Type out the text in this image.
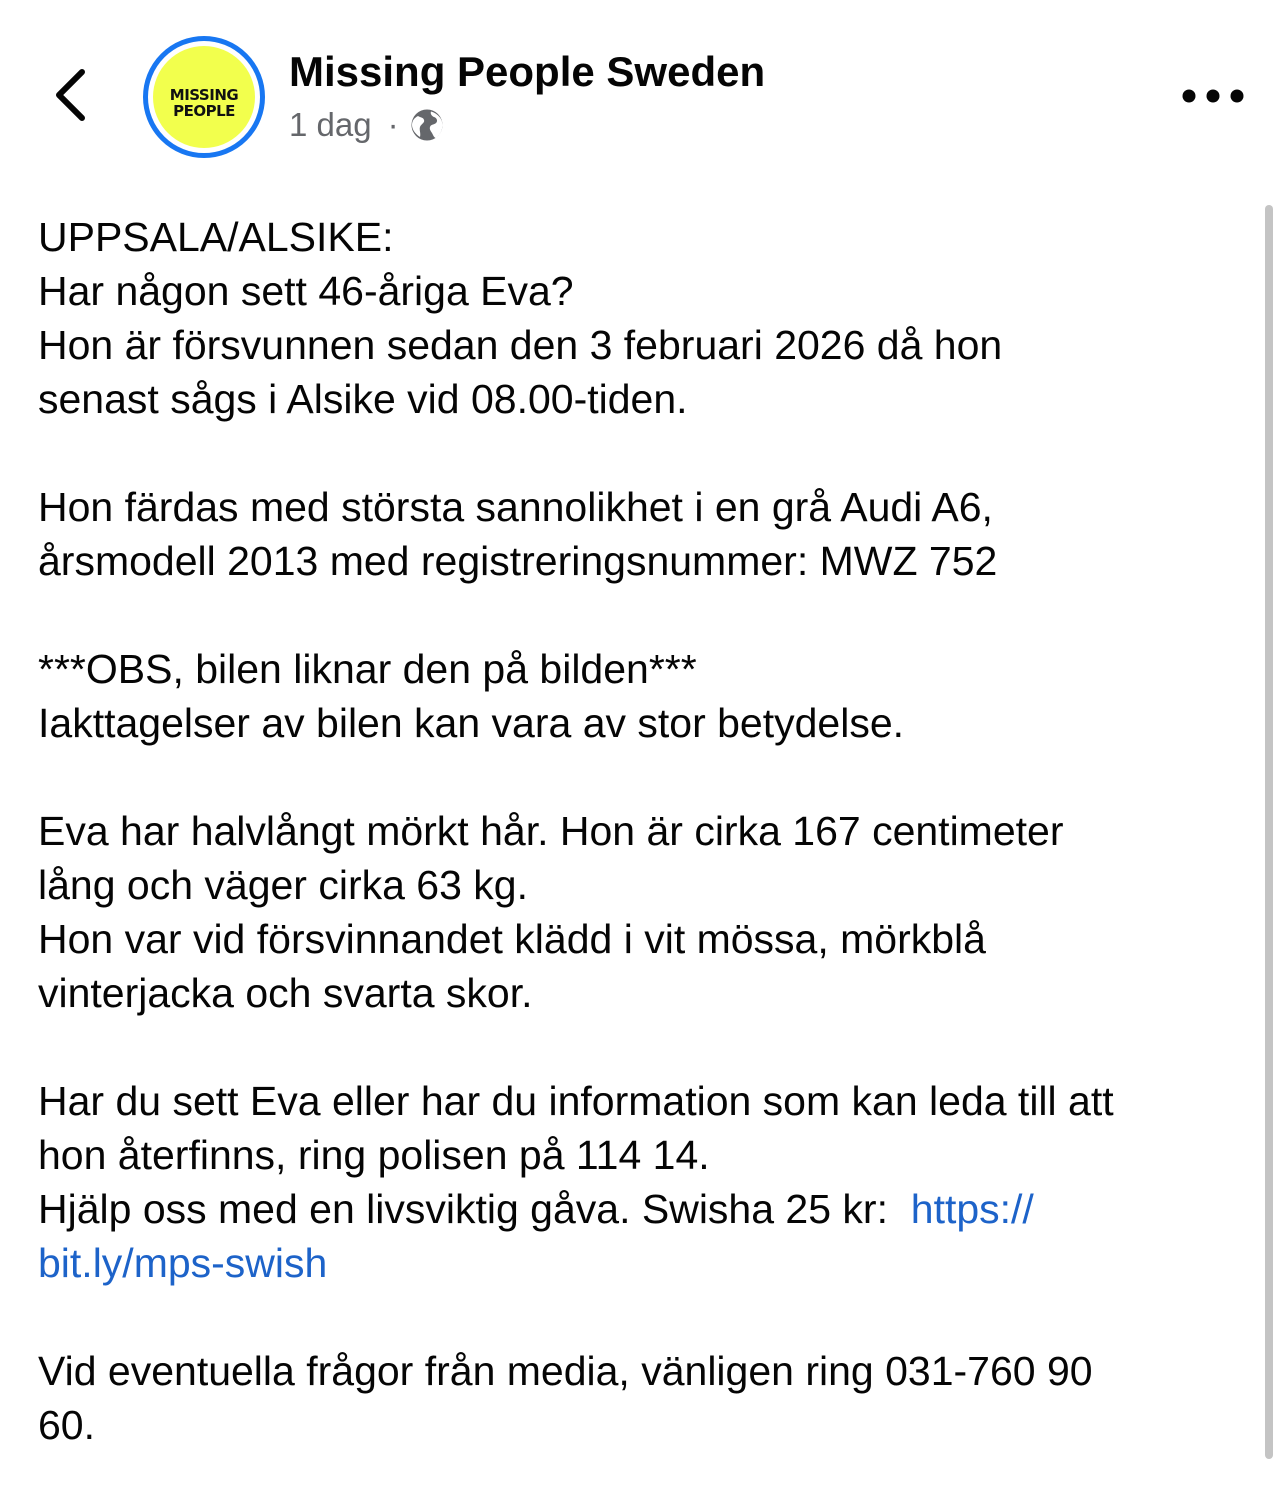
MISSING
PEOPLE
Missing People Sweden
1 dag ·

UPPSALA/ALSIKE:
Har någon sett 46-åriga Eva?
Hon är försvunnen sedan den 3 februari 2026 då hon
senast sågs i Alsike vid 08.00-tiden.

Hon färdas med största sannolikhet i en grå Audi A6,
årsmodell 2013 med registreringsnummer: MWZ 752

***OBS, bilen liknar den på bilden***
Iakttagelser av bilen kan vara av stor betydelse.

Eva har halvlångt mörkt hår. Hon är cirka 167 centimeter
lång och väger cirka 63 kg.
Hon var vid försvinnandet klädd i vit mössa, mörkblå
vinterjacka och svarta skor.

Har du sett Eva eller har du information som kan leda till att
hon återfinns, ring polisen på 114 14.
Hjälp oss med en livsviktig gåva. Swisha 25 kr:  https://
bit.ly/mps-swish

Vid eventuella frågor från media, vänligen ring 031-760 90
60.
